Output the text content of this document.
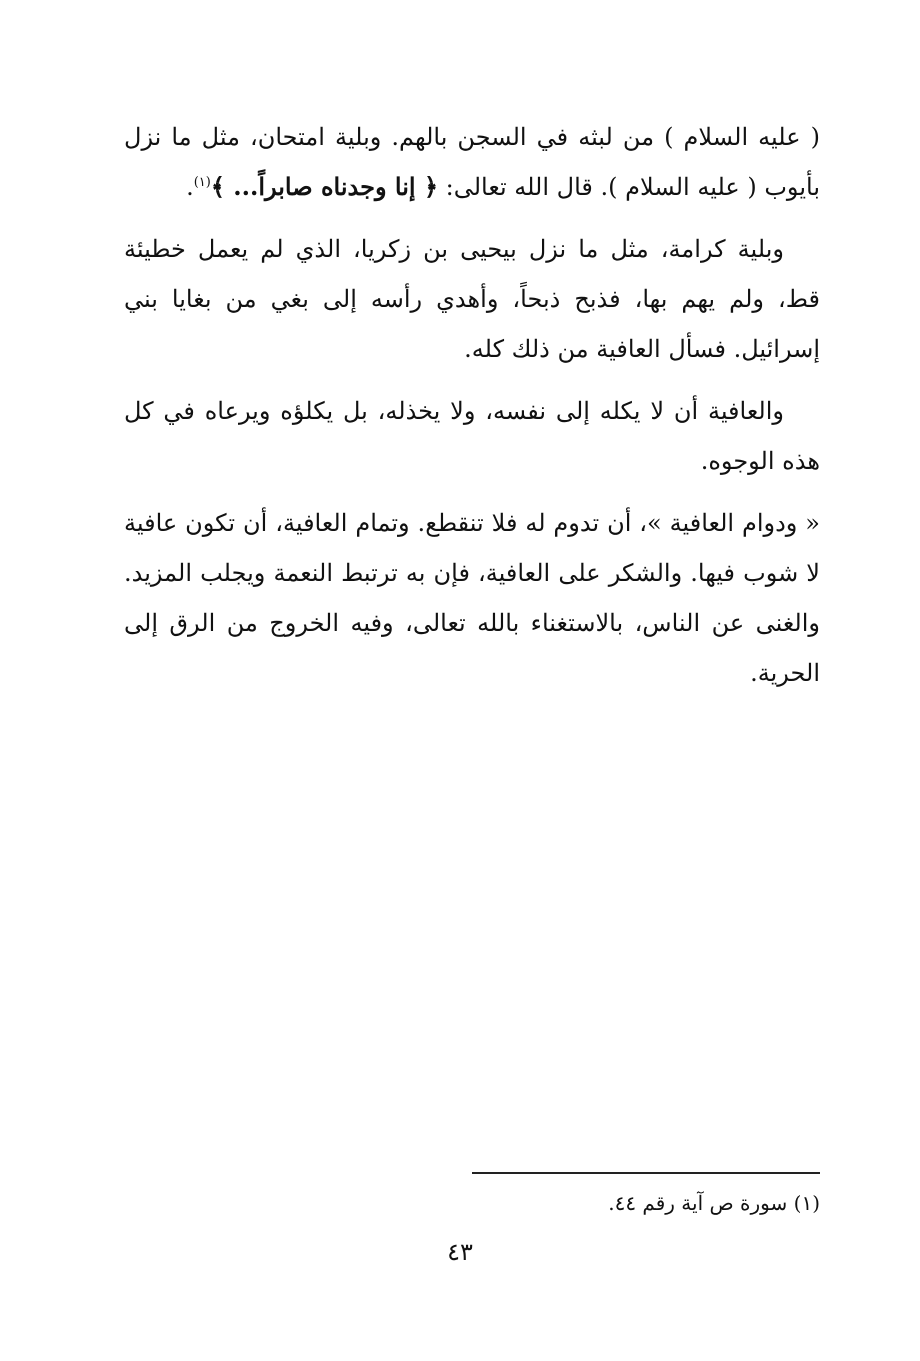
( عليه السلام ) من لبثه في السجن بالهم. وبلية امتحان، مثل ما نزل بأيوب ( عليه السلام ). قال الله تعالى: ﴿ إنا وجدناه صابراً... ﴾$^{(١)}$.

وبلية كرامة، مثل ما نزل بيحيى بن زكريا، الذي لم يعمل خطيئة قط، ولم يهم بها، فذبح ذبحاً، وأهدي رأسه إلى بغي من بغايا بني إسرائيل. فسأل العافية من ذلك كله.

والعافية أن لا يكله إلى نفسه، ولا يخذله، بل يكلؤه ويرعاه في كل هذه الوجوه.

« ودوام العافية »، أن تدوم له فلا تنقطع. وتمام العافية، أن تكون عافية لا شوب فيها. والشكر على العافية، فإن به ترتبط النعمة ويجلب المزيد. والغنى عن الناس، بالاستغناء بالله تعالى، وفيه الخروج من الرق إلى الحرية.

(١) سورة ص آية رقم ٤٤.
٤٣
